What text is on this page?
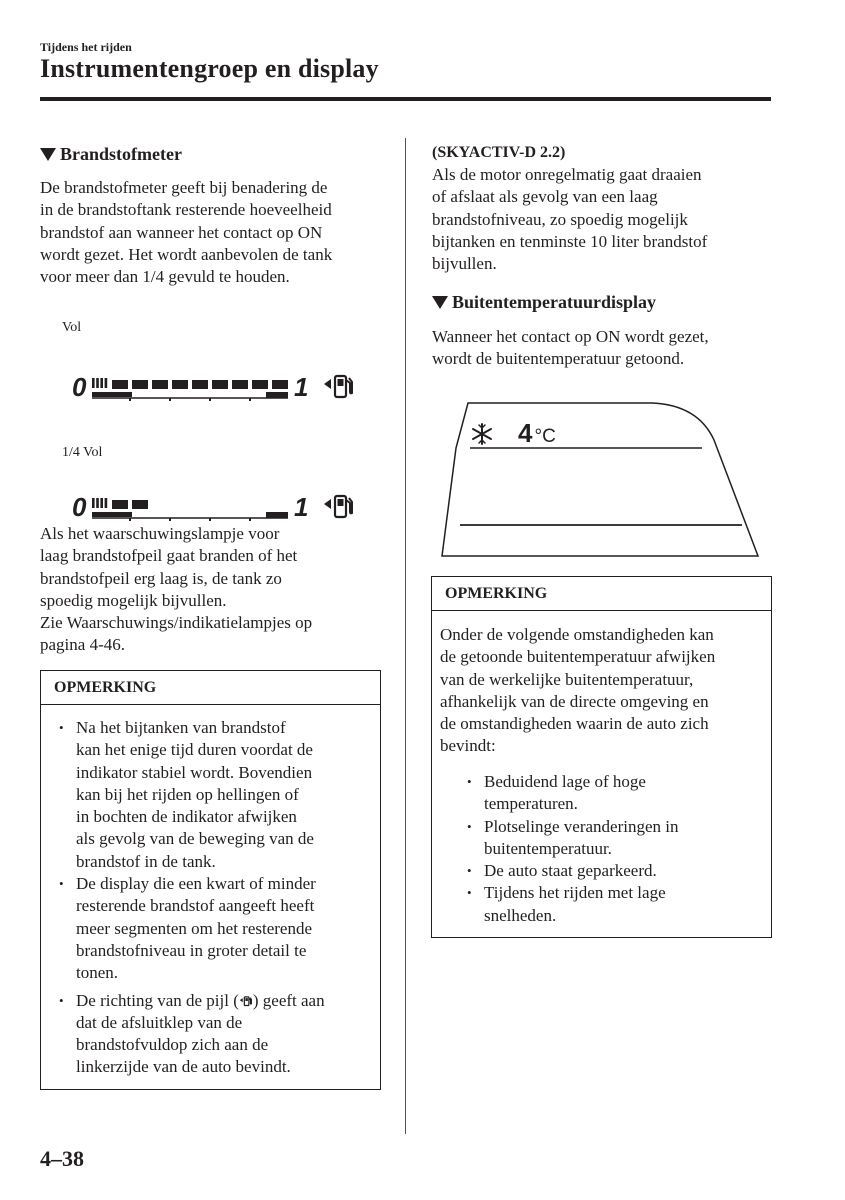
Tijdens het rijden
Instrumentengroep en display
Brandstofmeter

De brandstofmeter geeft bij benadering de

in de brandstoftank resterende hoeveelheid

brandstof aan wanneer het contact op ON

wordt gezet. Het wordt aanbevolen de tank

voor meer dan 1/4 gevuld te houden.

Vol
0	1
1/4 Vol
0	1

Als het waarschuwingslampje voor

laag brandstofpeil gaat branden of het

brandstofpeil erg laag is, de tank zo

spoedig mogelijk bijvullen.

Zie Waarschuwings/indikatielampjes op

pagina 4-46.

OPMERKING
• Na het bijtanken van brandstof
kan het enige tijd duren voordat de
indikator stabiel wordt. Bovendien
kan bij het rijden op hellingen of
in bochten de indikator afwijken
als gevolg van de beweging van de
brandstof in de tank.
• De display die een kwart of minder
resterende brandstof aangeeft heeft
meer segmenten om het resterende
brandstofniveau in groter detail te
tonen.
• De richting van de pijl ( ) geeft aan
dat de afsluitklep van de
brandstofvuldop zich aan de
linkerzijde van de auto bevindt.
(SKYACTIV-D 2.2)

Als de motor onregelmatig gaat draaien

of afslaat als gevolg van een laag

brandstofniveau, zo spoedig mogelijk

bijtanken en tenminste 10 liter brandstof

bijvullen.

Buitentemperatuurdisplay

Wanneer het contact op ON wordt gezet,

wordt de buitentemperatuur getoond.

4 °C
OPMERKING

Onder de volgende omstandigheden kan

de getoonde buitentemperatuur afwijken

van de werkelijke buitentemperatuur,

afhankelijk van de directe omgeving en

de omstandigheden waarin de auto zich

bevindt:

• Beduidend lage of hoge
temperaturen.
• Plotselinge veranderingen in
buitentemperatuur.
• De auto staat geparkeerd.
• Tijdens het rijden met lage
snelheden.
4–38
